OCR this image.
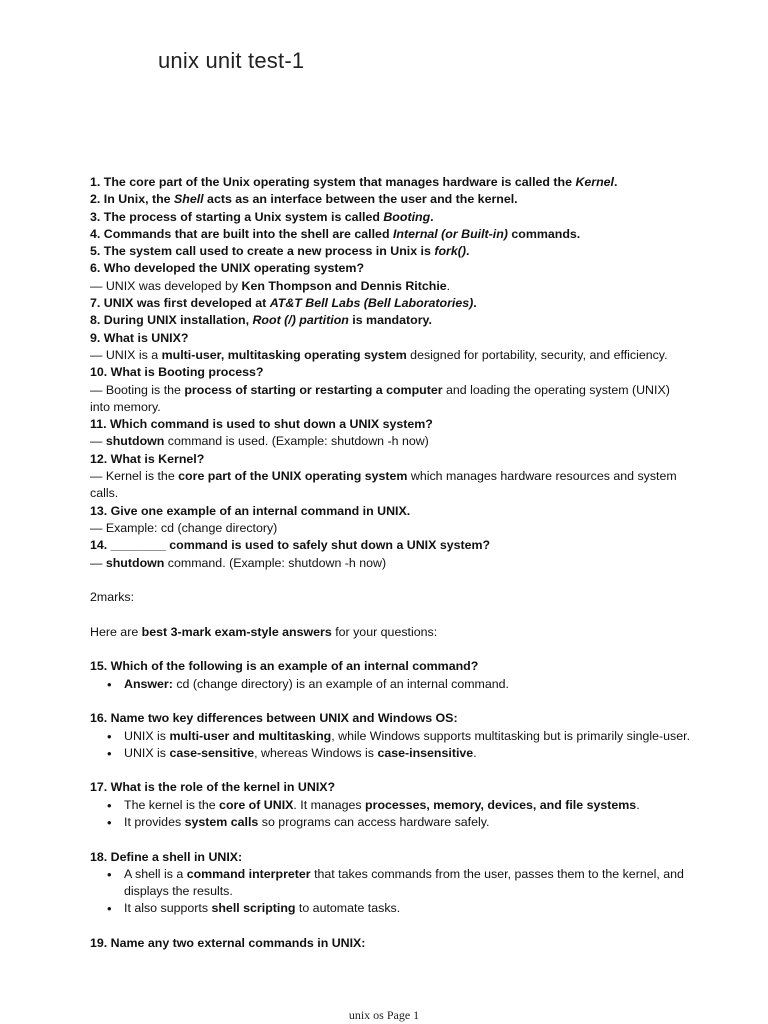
unix unit test-1

1. The core part of the Unix operating system that manages hardware is called the Kernel.

2. In Unix, the Shell acts as an interface between the user and the kernel.

3. The process of starting a Unix system is called Booting.

4. Commands that are built into the shell are called Internal (or Built-in) commands.

5. The system call used to create a new process in Unix is fork().

6. Who developed the UNIX operating system?

— UNIX was developed by Ken Thompson and Dennis Ritchie.

7. UNIX was first developed at AT&T Bell Labs (Bell Laboratories).

8. During UNIX installation, Root (/) partition is mandatory.

9. What is UNIX?

— UNIX is a multi-user, multitasking operating system designed for portability, security, and efficiency.

10. What is Booting process?

— Booting is the process of starting or restarting a computer and loading the operating system (UNIX) into memory.

11. Which command is used to shut down a UNIX system?

— shutdown command is used. (Example: shutdown -h now)

12. What is Kernel?

— Kernel is the core part of the UNIX operating system which manages hardware resources and system calls.

13. Give one example of an internal command in UNIX.

— Example: cd (change directory)

14. ________ command is used to safely shut down a UNIX system?

— shutdown command. (Example: shutdown -h now)

2marks:

Here are best 3-mark exam-style answers for your questions:

15. Which of the following is an example of an internal command?

• Answer: cd (change directory) is an example of an internal command.

16. Name two key differences between UNIX and Windows OS:

• UNIX is multi-user and multitasking, while Windows supports multitasking but is primarily single-user.
• UNIX is case-sensitive, whereas Windows is case-insensitive.

17. What is the role of the kernel in UNIX?

• The kernel is the core of UNIX. It manages processes, memory, devices, and file systems.
• It provides system calls so programs can access hardware safely.

18. Define a shell in UNIX:

• A shell is a command interpreter that takes commands from the user, passes them to the kernel, and displays the results.
• It also supports shell scripting to automate tasks.

19. Name any two external commands in UNIX:

unix os Page 1
